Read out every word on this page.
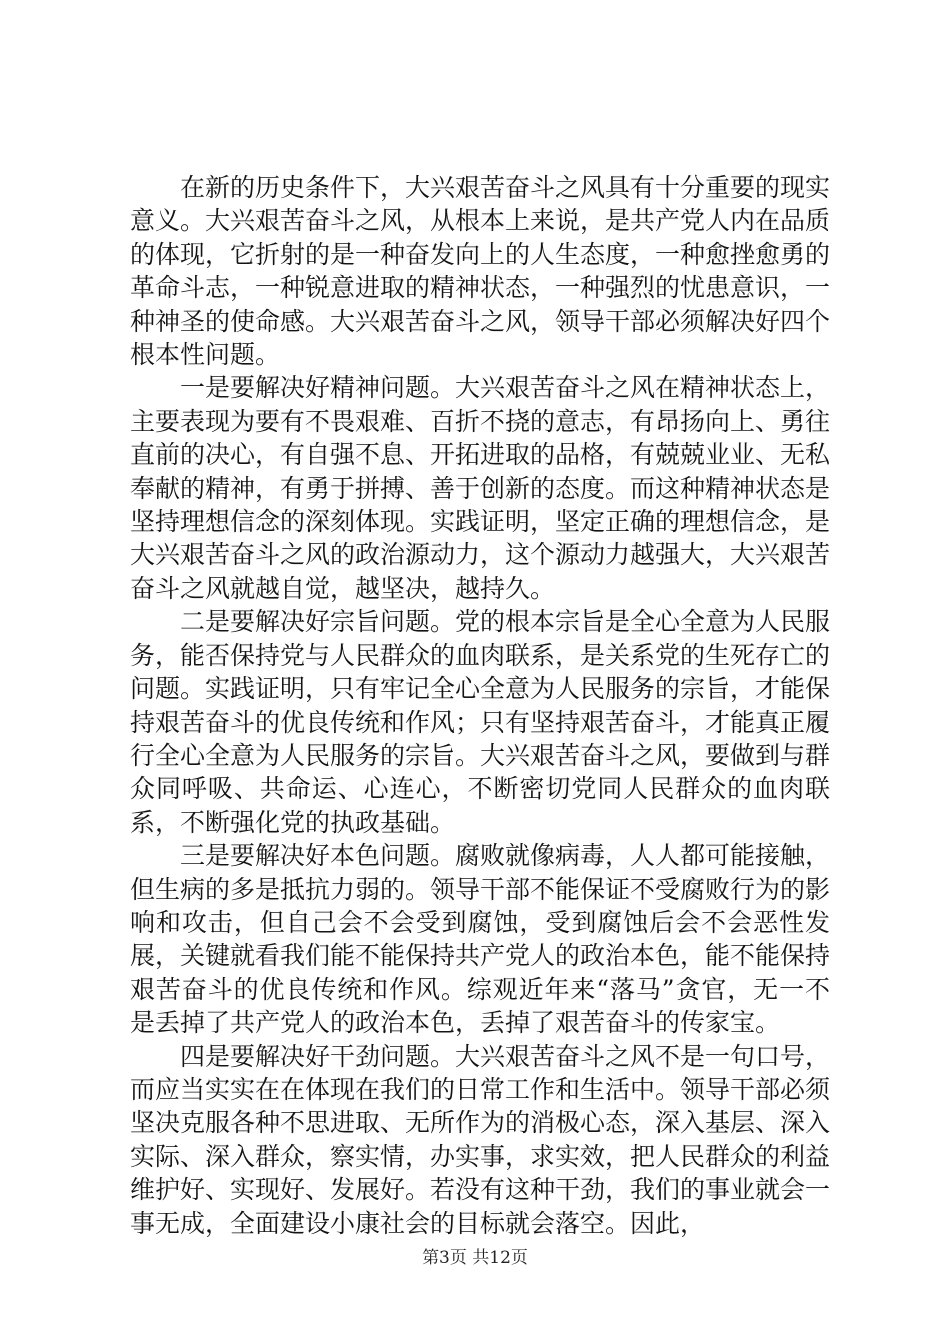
在新的历史条件下，大兴艰苦奋斗之风具有十分重要的现实意义。大兴艰苦奋斗之风，从根本上来说，是共产党人内在品质的体现，它折射的是一种奋发向上的人生态度，一种愈挫愈勇的革命斗志，一种锐意进取的精神状态，一种强烈的忧患意识，一种神圣的使命感。大兴艰苦奋斗之风，领导干部必须解决好四个根本性问题。

一是要解决好精神问题。大兴艰苦奋斗之风在精神状态上，主要表现为要有不畏艰难、百折不挠的意志，有昂扬向上、勇往直前的决心，有自强不息、开拓进取的品格，有兢兢业业、无私奉献的精神，有勇于拼搏、善于创新的态度。而这种精神状态是坚持理想信念的深刻体现。实践证明，坚定正确的理想信念，是大兴艰苦奋斗之风的政治源动力，这个源动力越强大，大兴艰苦奋斗之风就越自觉，越坚决，越持久。

二是要解决好宗旨问题。党的根本宗旨是全心全意为人民服务，能否保持党与人民群众的血肉联系，是关系党的生死存亡的问题。实践证明，只有牢记全心全意为人民服务的宗旨，才能保持艰苦奋斗的优良传统和作风；只有坚持艰苦奋斗，才能真正履行全心全意为人民服务的宗旨。大兴艰苦奋斗之风，要做到与群众同呼吸、共命运、心连心，不断密切党同人民群众的血肉联系，不断强化党的执政基础。

三是要解决好本色问题。腐败就像病毒，人人都可能接触，但生病的多是抵抗力弱的。领导干部不能保证不受腐败行为的影响和攻击，但自己会不会受到腐蚀，受到腐蚀后会不会恶性发展，关键就看我们能不能保持共产党人的政治本色，能不能保持艰苦奋斗的优良传统和作风。综观近年来“落马”贪官，无一不是丢掉了共产党人的政治本色，丢掉了艰苦奋斗的传家宝。

四是要解决好干劲问题。大兴艰苦奋斗之风不是一句口号，而应当实实在在体现在我们的日常工作和生活中。领导干部必须坚决克服各种不思进取、无所作为的消极心态，深入基层、深入实际、深入群众，察实情，办实事，求实效，把人民群众的利益维护好、实现好、发展好。若没有这种干劲，我们的事业就会一事无成，全面建设小康社会的目标就会落空。因此，

第3页 共12页
